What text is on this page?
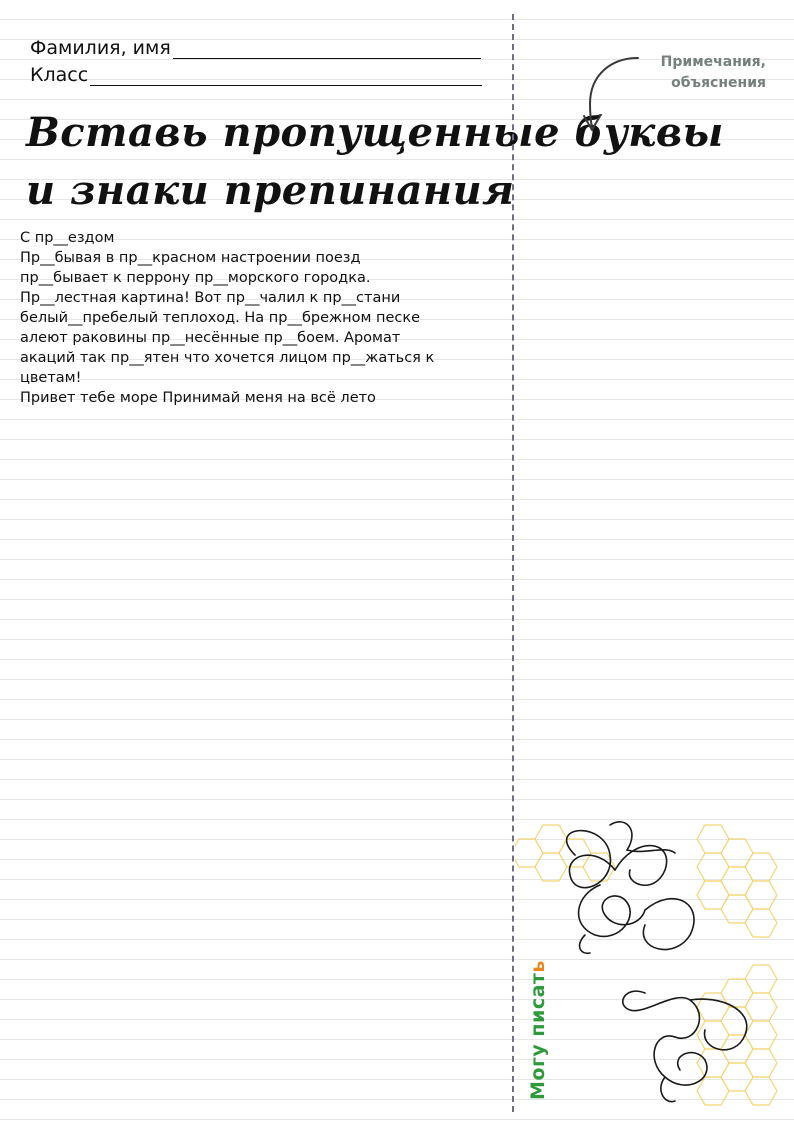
Фамилия, имя
Класс
Вставь пропущенные буквы
и знаки препинания
С пр__ездом
Пр__бывая в пр__красном настроении поезд
пр__бывает к перрону пр__морского городка.
Пр__лестная картина! Вот пр__чалил к пр__стани
белый__пребелый теплоход. На пр__брежном песке
алеют раковины пр__несённые пр__боем. Аромат
акаций так пр__ятен что хочется лицом пр__жаться к
цветам!
Привет тебе море Принимай меня на всё лето
Примечания,
объяснения
Могу писать
